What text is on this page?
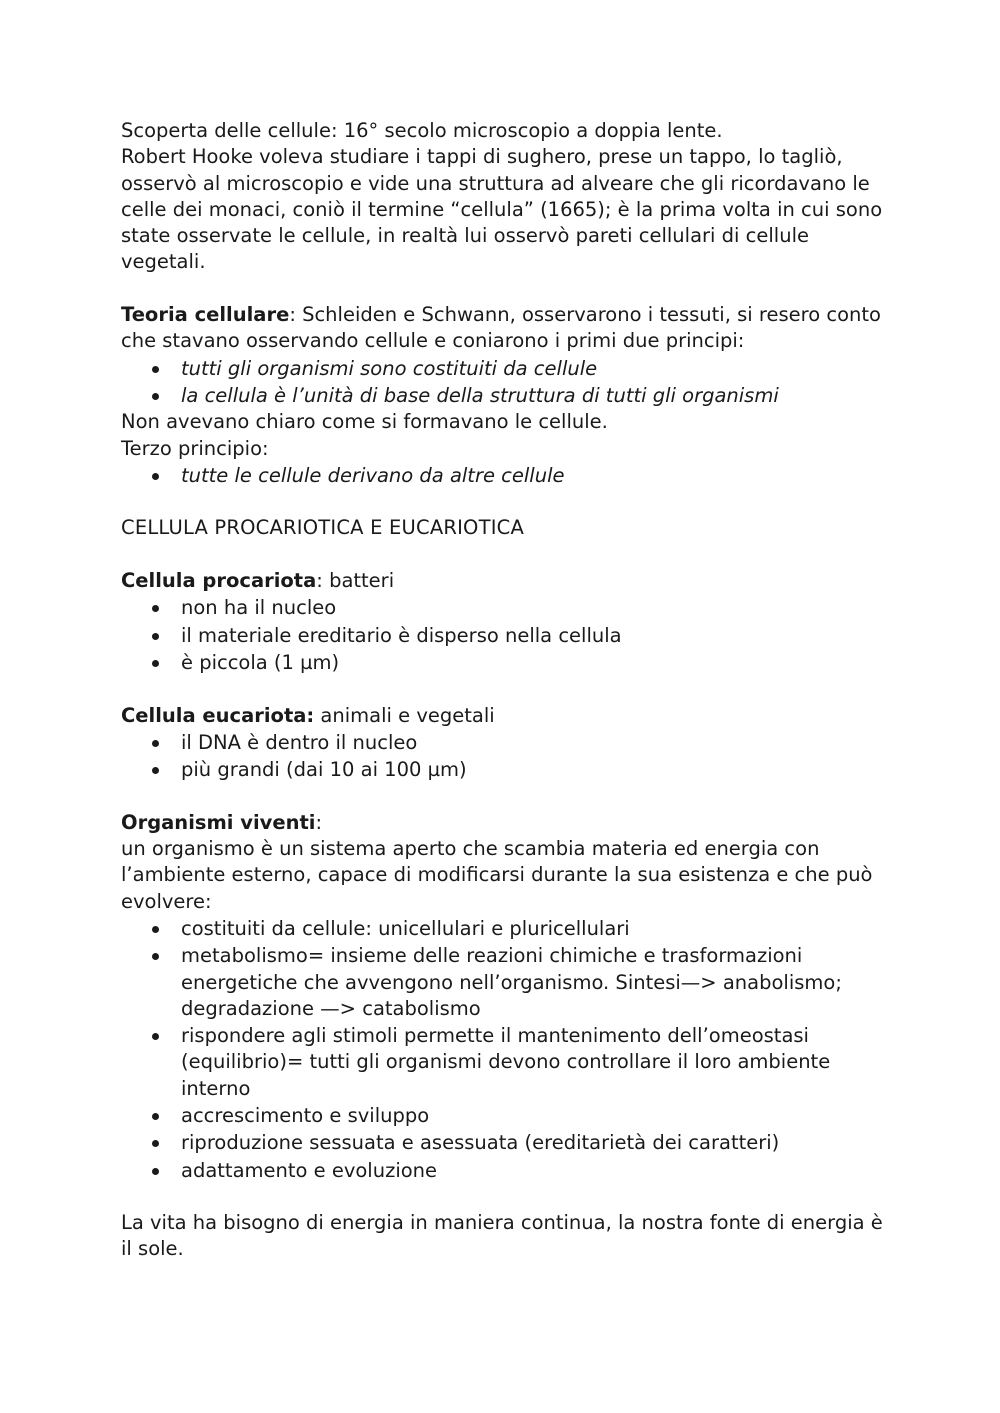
Scoperta delle cellule: 16° secolo microscopio a doppia lente.

Robert Hooke voleva studiare i tappi di sughero, prese un tappo, lo tagliò, osservò al microscopio e vide una struttura ad alveare che gli ricordavano le celle dei monaci, coniò il termine “cellula” (1665); è la prima volta in cui sono state osservate le cellule, in realtà lui osservò pareti cellulari di cellule vegetali.

Teoria cellulare: Schleiden e Schwann, osservarono i tessuti, si resero conto che stavano osservando cellule e coniarono i primi due principi:

tutti gli organismi sono costituiti da cellule
la cellula è l’unità di base della struttura di tutti gli organismi

Non avevano chiaro come si formavano le cellule.

Terzo principio:

tutte le cellule derivano da altre cellule

CELLULA PROCARIOTICA E EUCARIOTICA

Cellula procariota: batteri

non ha il nucleo
il materiale ereditario è disperso nella cellula
è piccola (1 µm)

Cellula eucariota: animali e vegetali

il DNA è dentro il nucleo
più grandi (dai 10 ai 100 µm)

Organismi viventi:

un organismo è un sistema aperto che scambia materia ed energia con l’ambiente esterno, capace di modificarsi durante la sua esistenza e che può evolvere:

costituiti da cellule: unicellulari e pluricellulari
metabolismo= insieme delle reazioni chimiche e trasformazioni energetiche che avvengono nell’organismo. Sintesi—> anabolismo; degradazione —> catabolismo
rispondere agli stimoli permette il mantenimento dell’omeostasi (equilibrio)= tutti gli organismi devono controllare il loro ambiente interno
accrescimento e sviluppo
riproduzione sessuata e asessuata (ereditarietà dei caratteri)
adattamento e evoluzione

La vita ha bisogno di energia in maniera continua, la nostra fonte di energia è il sole.
